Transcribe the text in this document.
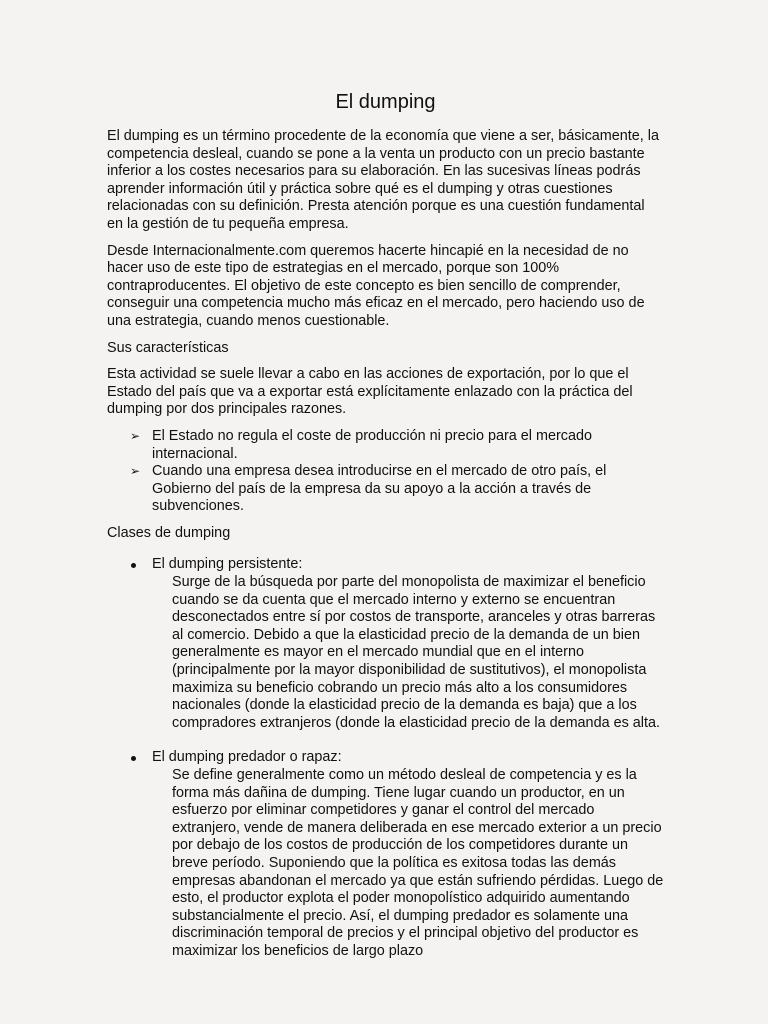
El dumping

El dumping es un término procedente de la economía que viene a ser, básicamente, la competencia desleal, cuando se pone a la venta un producto con un precio bastante inferior a los costes necesarios para su elaboración. En las sucesivas líneas podrás aprender información útil y práctica sobre qué es el dumping y otras cuestiones relacionadas con su definición. Presta atención porque es una cuestión fundamental en la gestión de tu pequeña empresa.

Desde Internacionalmente.com queremos hacerte hincapié en la necesidad de no hacer uso de este tipo de estrategias en el mercado, porque son 100% contraproducentes. El objetivo de este concepto es bien sencillo de comprender, conseguir una competencia mucho más eficaz en el mercado, pero haciendo uso de una estrategia, cuando menos cuestionable.

Sus características

Esta actividad se suele llevar a cabo en las acciones de exportación, por lo que el Estado del país que va a exportar está explícitamente enlazado con la práctica del dumping por dos principales razones.

➢ El Estado no regula el coste de producción ni precio para el mercado internacional.
➢ Cuando una empresa desea introducirse en el mercado de otro país, el Gobierno del país de la empresa da su apoyo a la acción a través de subvenciones.

Clases de dumping

El dumping persistente:
Surge de la búsqueda por parte del monopolista de maximizar el beneficio cuando se da cuenta que el mercado interno y externo se encuentran desconectados entre sí por costos de transporte, aranceles y otras barreras al comercio. Debido a que la elasticidad precio de la demanda de un bien generalmente es mayor en el mercado mundial que en el interno (principalmente por la mayor disponibilidad de sustitutivos), el monopolista maximiza su beneficio cobrando un precio más alto a los consumidores nacionales (donde la elasticidad precio de la demanda es baja) que a los compradores extranjeros (donde la elasticidad precio de la demanda es alta.
El dumping predador o rapaz:
Se define generalmente como un método desleal de competencia y es la forma más dañina de dumping. Tiene lugar cuando un productor, en un esfuerzo por eliminar competidores y ganar el control del mercado extranjero, vende de manera deliberada en ese mercado exterior a un precio por debajo de los costos de producción de los competidores durante un breve período. Suponiendo que la política es exitosa todas las demás empresas abandonan el mercado ya que están sufriendo pérdidas. Luego de esto, el productor explota el poder monopolístico adquirido aumentando substancialmente el precio. Así, el dumping predador es solamente una discriminación temporal de precios y el principal objetivo del productor es maximizar los beneficios de largo plazo
